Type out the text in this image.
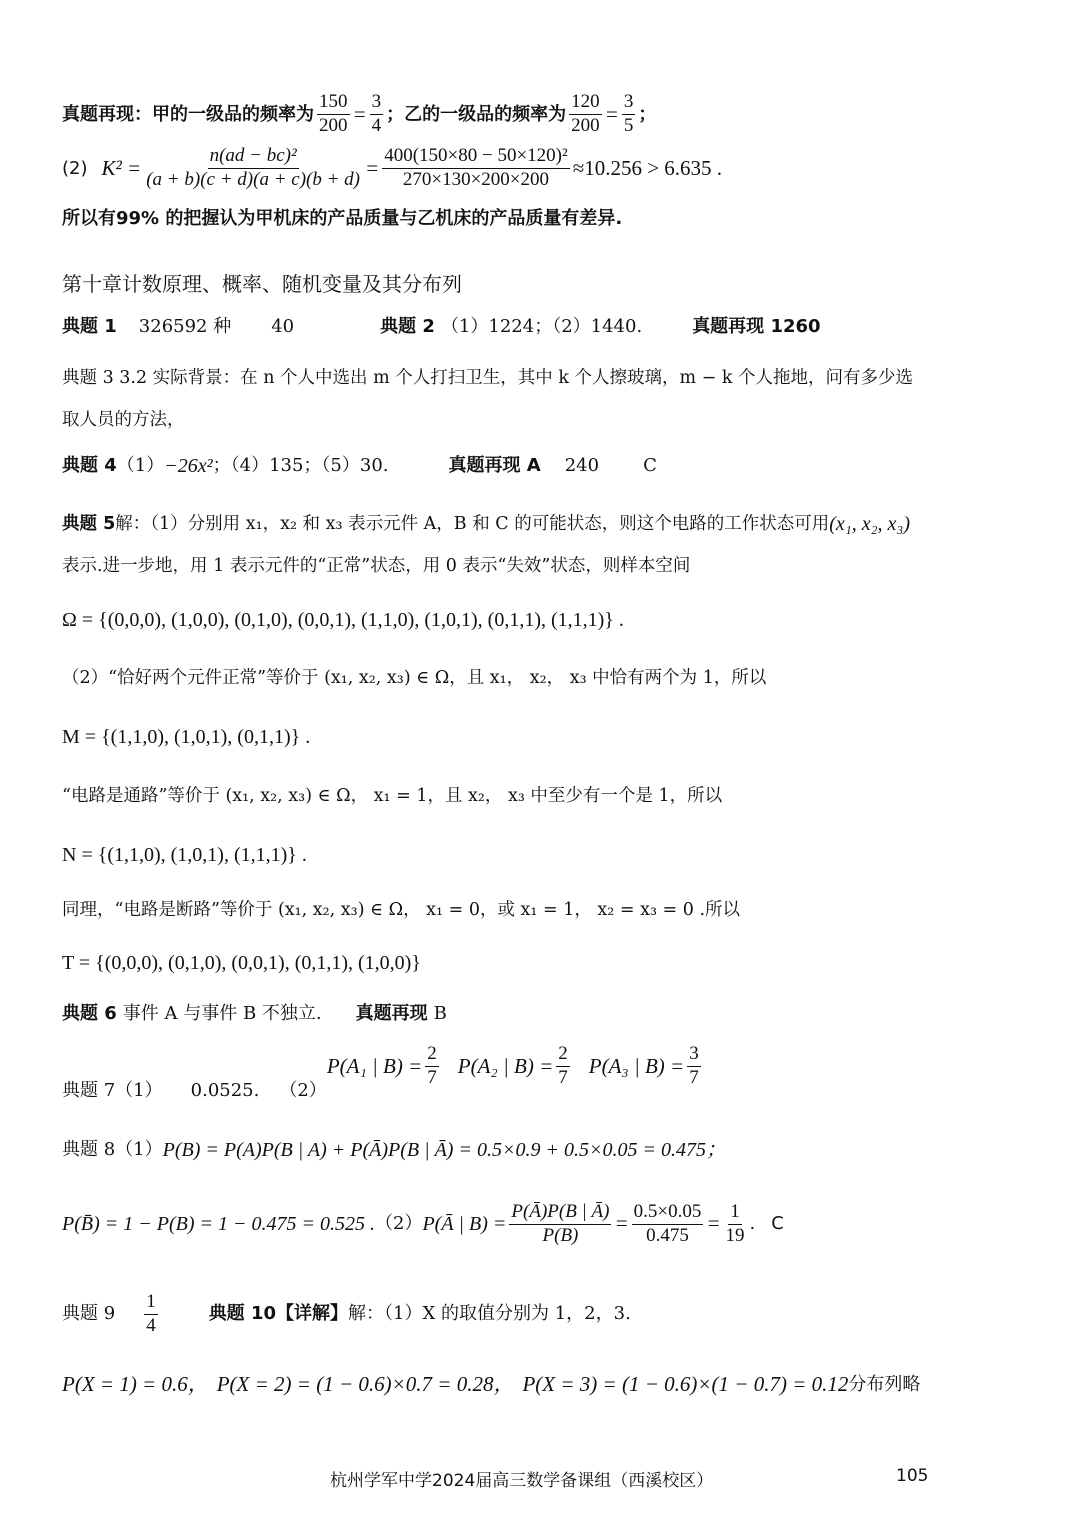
真题再现： 甲的一级品的频率为 $\frac{150}{200} = \frac{3}{4}$ ；乙的一级品的频率为 $\frac{120}{200} = \frac{3}{5}$ ；
(2) $K^2 = \frac{\text{n(ad − bc)²}}{(a + b)(c + d)(a + c)(b + d)} = \frac{\text{400(150×80 − 50×120)²}}{270\times 130\times 200\times 200} \approx 10.256 > 6.635$ .
所以有99% 的把握认为甲机床的产品质量与乙机床的产品质量有差异.
第十章计数原理、概率、随机变量及其分布列
典题 1 326592 种 40	典题 2 （1）1224；（2）1440.	真题再现 1260
典题 3 3.2 实际背景：在 n 个人中选出 m 个人打扫卫生，其中 k 个人擦玻璃，m − k 个人拖地，问有多少选
取人员的方法，
典题 4 （1） −26x² ；（4）135；（5）30.	真题再现 A 240 C
典题 5 解：（1）分别用 x₁，x₂ 和 x₃ 表示元件 A，B 和 C 的可能状态，则这个电路的工作状态可用 (x₁, x₂, x₃)
表示.进一步地，用 1 表示元件的“正常”状态，用 0 表示“失效”状态，则样本空间
Ω = {(0,0,0), (1,0,0), (0,1,0), (0,0,1), (1,1,0), (1,0,1), (0,1,1), (1,1,1)} .
（2）“恰好两个元件正常”等价于 (x₁, x₂, x₃) ∈ Ω，且 x₁， x₂， x₃ 中恰有两个为 1，所以
M = {(1,1,0), (1,0,1), (0,1,1)} .
“电路是通路”等价于 (x₁, x₂, x₃) ∈ Ω， x₁ = 1，且 x₂， x₃ 中至少有一个是 1，所以
N = {(1,1,0), (1,0,1), (1,1,1)} .
同理，“电路是断路”等价于 (x₁, x₂, x₃) ∈ Ω， x₁ = 0，或 x₁ = 1， x₂ = x₃ = 0 .所以
T = {(0,0,0), (0,1,0), (0,0,1), (0,1,1), (1,0,0)}
典题 6 事件 A 与事件 B 不独立. 真题再现 B
典题 7（1） 0.0525. （2）
P(A₁ | $B) = \frac{2}{7} P(A_2$ | $B) = \frac{2}{7} P(A_3$ | $B) = \frac{3}{7}$
典题 8（1） P(B) = P(A)P(B | A) + P(Ā)P(B | Ā) = 0.5×0.9 + 0.5×0.05 = 0.475；
P(B̄) = 1 − P(B) = 1 − 0.475 = 0.525 . （2） P(Ā | $B) = \frac{P(Ā)P(B | Ā)}{P(B)} = \frac{0.5\times 0.05}{0.475} = \frac{1}{19}$ . C
典题 $9 \frac{1}{4}$	典题 10【详解】 解：（1）X 的取值分别为 1，2，3.
P(X = 1) = 0.6， P(X = 2) = (1 − 0.6)×0.7 = 0.28， P(X = 3) = (1 − 0.6)×(1 − 0.7) = 0.12 分布列略
杭州学军中学2024届高三数学备课组（西溪校区）	105
